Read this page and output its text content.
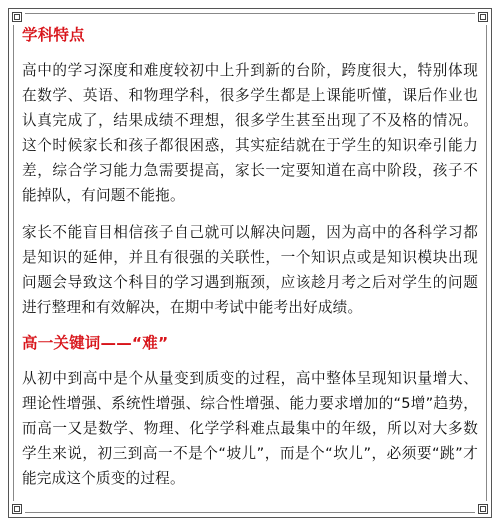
学科特点

高中的学习深度和难度较初中上升到新的台阶，跨度很大，特别体现在数学、英语、和物理学科，很多学生都是上课能听懂，课后作业也认真完成了，结果成绩不理想，很多学生甚至出现了不及格的情况。这个时候家长和孩子都很困惑，其实症结就在于学生的知识牵引能力差，综合学习能力急需要提高，家长一定要知道在高中阶段，孩子不能掉队，有问题不能拖。

家长不能盲目相信孩子自己就可以解决问题，因为高中的各科学习都是知识的延伸，并且有很强的关联性，一个知识点或是知识模块出现问题会导致这个科目的学习遇到瓶颈，应该趁月考之后对学生的问题进行整理和有效解决，在期中考试中能考出好成绩。

高一关键词——“难”

从初中到高中是个从量变到质变的过程，高中整体呈现知识量增大、理论性增强、系统性增强、综合性增强、能力要求增加的“5增”趋势，而高一又是数学、物理、化学学科难点最集中的年级，所以对大多数学生来说，初三到高一不是个“坡儿”，而是个“坎儿”，必须要“跳”才能完成这个质变的过程。
